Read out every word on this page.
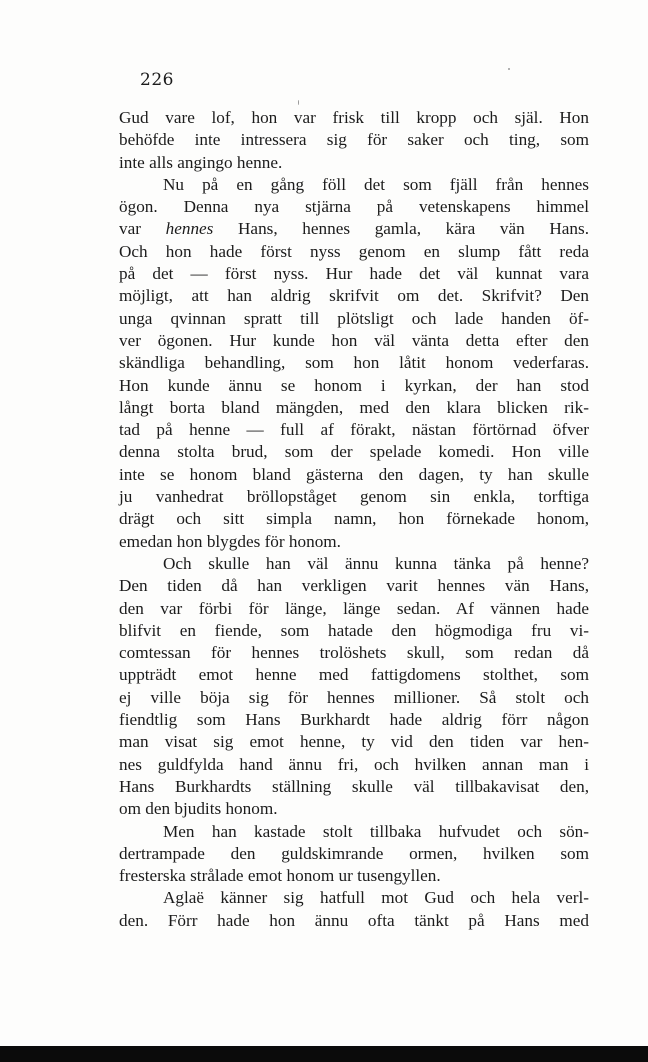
226
Gud vare lof, hon var frisk till kropp och själ. Hon
behöfde inte intressera sig för saker och ting, som
inte alls angingo henne.
Nu på en gång föll det som fjäll från hennes
ögon. Denna nya stjärna på vetenskapens himmel
var hennes Hans, hennes gamla, kära vän Hans.
Och hon hade först nyss genom en slump fått reda
på det — först nyss. Hur hade det väl kunnat vara
möjligt, att han aldrig skrifvit om det. Skrifvit? Den
unga qvinnan spratt till plötsligt och lade handen öf-
ver ögonen. Hur kunde hon väl vänta detta efter den
skändliga behandling, som hon låtit honom vederfaras.
Hon kunde ännu se honom i kyrkan, der han stod
långt borta bland mängden, med den klara blicken rik-
tad på henne — full af förakt, nästan förtörnad öfver
denna stolta brud, som der spelade komedi. Hon ville
inte se honom bland gästerna den dagen, ty han skulle
ju vanhedrat bröllopståget genom sin enkla, torftiga
drägt och sitt simpla namn, hon förnekade honom,
emedan hon blygdes för honom.
Och skulle han väl ännu kunna tänka på henne?
Den tiden då han verkligen varit hennes vän Hans,
den var förbi för länge, länge sedan. Af vännen hade
blifvit en fiende, som hatade den högmodiga fru vi-
comtessan för hennes trolöshets skull, som redan då
uppträdt emot henne med fattigdomens stolthet, som
ej ville böja sig för hennes millioner. Så stolt och
fiendtlig som Hans Burkhardt hade aldrig förr någon
man visat sig emot henne, ty vid den tiden var hen-
nes guldfylda hand ännu fri, och hvilken annan man i
Hans Burkhardts ställning skulle väl tillbakavisat den,
om den bjudits honom.
Men han kastade stolt tillbaka hufvudet och sön-
dertrampade den guldskimrande ormen, hvilken som
fresterska strålade emot honom ur tusengyllen.
Aglaë känner sig hatfull mot Gud och hela verl-
den. Förr hade hon ännu ofta tänkt på Hans med
